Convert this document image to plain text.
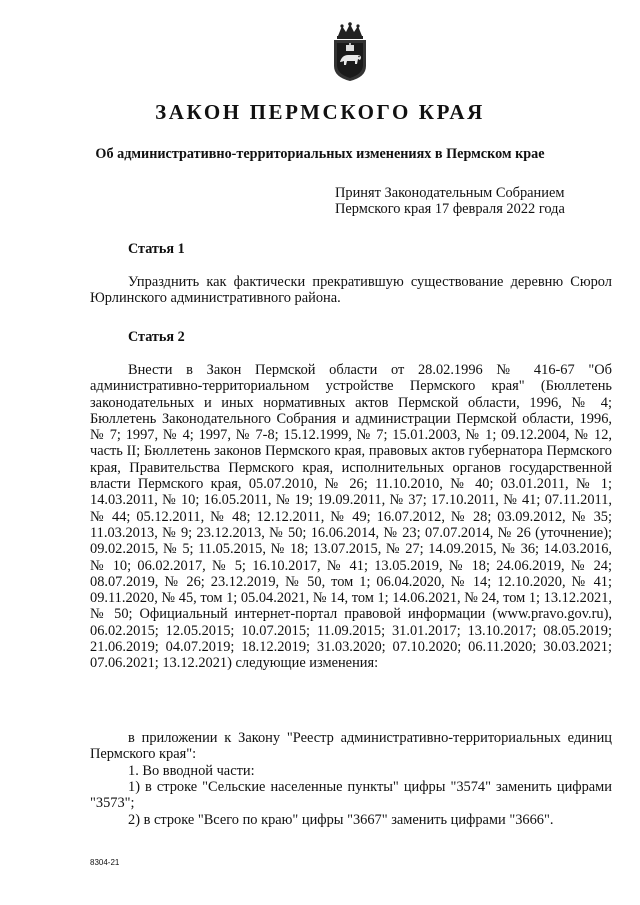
ЗАКОН ПЕРМСКОГО КРАЯ
Об административно-территориальных изменениях в Пермском крае
Принят Законодательным Собранием
Пермского края 17 февраля 2022 года
Статья 1

Упразднить как фактически прекратившую существование деревню Сюрол Юрлинского административного района.

Статья 2

Внести в Закон Пермской области от 28.02.1996 № 416-67 "Об административно-территориальном устройстве Пермского края" (Бюллетень законодательных и иных нормативных актов Пермской области, 1996, № 4; Бюллетень Законодательного Собрания и администрации Пермской области, 1996, № 7; 1997, № 4; 1997, № 7-8; 15.12.1999, № 7; 15.01.2003, № 1; 09.12.2004, № 12, часть II; Бюллетень законов Пермского края, правовых актов губернатора Пермского края, Правительства Пермского края, исполнительных органов государственной власти Пермского края, 05.07.2010, № 26; 11.10.2010, № 40; 03.01.2011, № 1; 14.03.2011, № 10; 16.05.2011, № 19; 19.09.2011, № 37; 17.10.2011, № 41; 07.11.2011, № 44; 05.12.2011, № 48; 12.12.2011, № 49; 16.07.2012, № 28; 03.09.2012, № 35; 11.03.2013, № 9; 23.12.2013, № 50; 16.06.2014, № 23; 07.07.2014, № 26 (уточнение); 09.02.2015, № 5; 11.05.2015, № 18; 13.07.2015, № 27; 14.09.2015, № 36; 14.03.2016, № 10; 06.02.2017, № 5; 16.10.2017, № 41; 13.05.2019, № 18; 24.06.2019, № 24; 08.07.2019, № 26; 23.12.2019, № 50, том 1; 06.04.2020, № 14; 12.10.2020, № 41; 09.11.2020, № 45, том 1; 05.04.2021, № 14, том 1; 14.06.2021, № 24, том 1; 13.12.2021, № 50; Официальный интернет-портал правовой информации (www.pravo.gov.ru), 06.02.2015; 12.05.2015; 10.07.2015; 11.09.2015; 31.01.2017; 13.10.2017; 08.05.2019; 21.06.2019; 04.07.2019; 18.12.2019; 31.03.2020; 07.10.2020; 06.11.2020; 30.03.2021; 07.06.2021; 13.12.2021) следующие изменения:

в приложении к Закону "Реестр административно-территориальных единиц Пермского края":

1. Во вводной части:

1) в строке "Сельские населенные пункты" цифры "3574" заменить цифрами "3573";

2) в строке "Всего по краю" цифры "3667" заменить цифрами "3666".

8304-21
